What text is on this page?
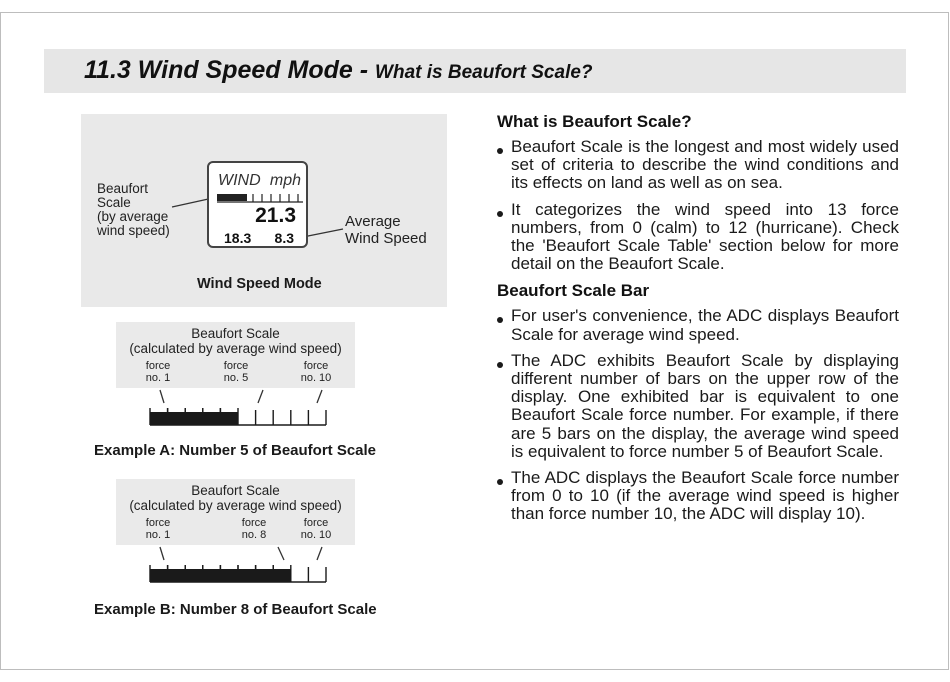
11.3 Wind Speed Mode - What is Beaufort Scale?
Beaufort
Scale
(by average
wind speed)
Average
Wind Speed
WIND mph
21.3
18.3 8.3
Wind Speed Mode
Beaufort Scale
(calculated by average wind speed)
force
no. 1
force
no. 5
force
no. 10
Example A: Number 5 of Beaufort Scale
Beaufort Scale
(calculated by average wind speed)
force
no. 1
force
no. 8
force
no. 10
Example B: Number 8 of Beaufort Scale
What is Beaufort Scale?
Beaufort Scale is the longest and most widely used set of criteria to describe the wind conditions and its effects on land as well as on sea.
It categorizes the wind speed into 13 force numbers, from 0 (calm) to 12 (hurricane). Check the 'Beaufort Scale Table' section below for more detail on the Beaufort Scale.
Beaufort Scale Bar
For user's convenience, the ADC displays Beaufort Scale for average wind speed.
The ADC exhibits Beaufort Scale by displaying different number of bars on the upper row of the display. One exhibited bar is equivalent to one Beaufort Scale force number. For example, if there are 5 bars on the display, the average wind speed is equivalent to force number 5 of Beaufort Scale.
The ADC displays the Beaufort Scale force number from 0 to 10 (if the average wind speed is higher than force number 10, the ADC will display 10).
